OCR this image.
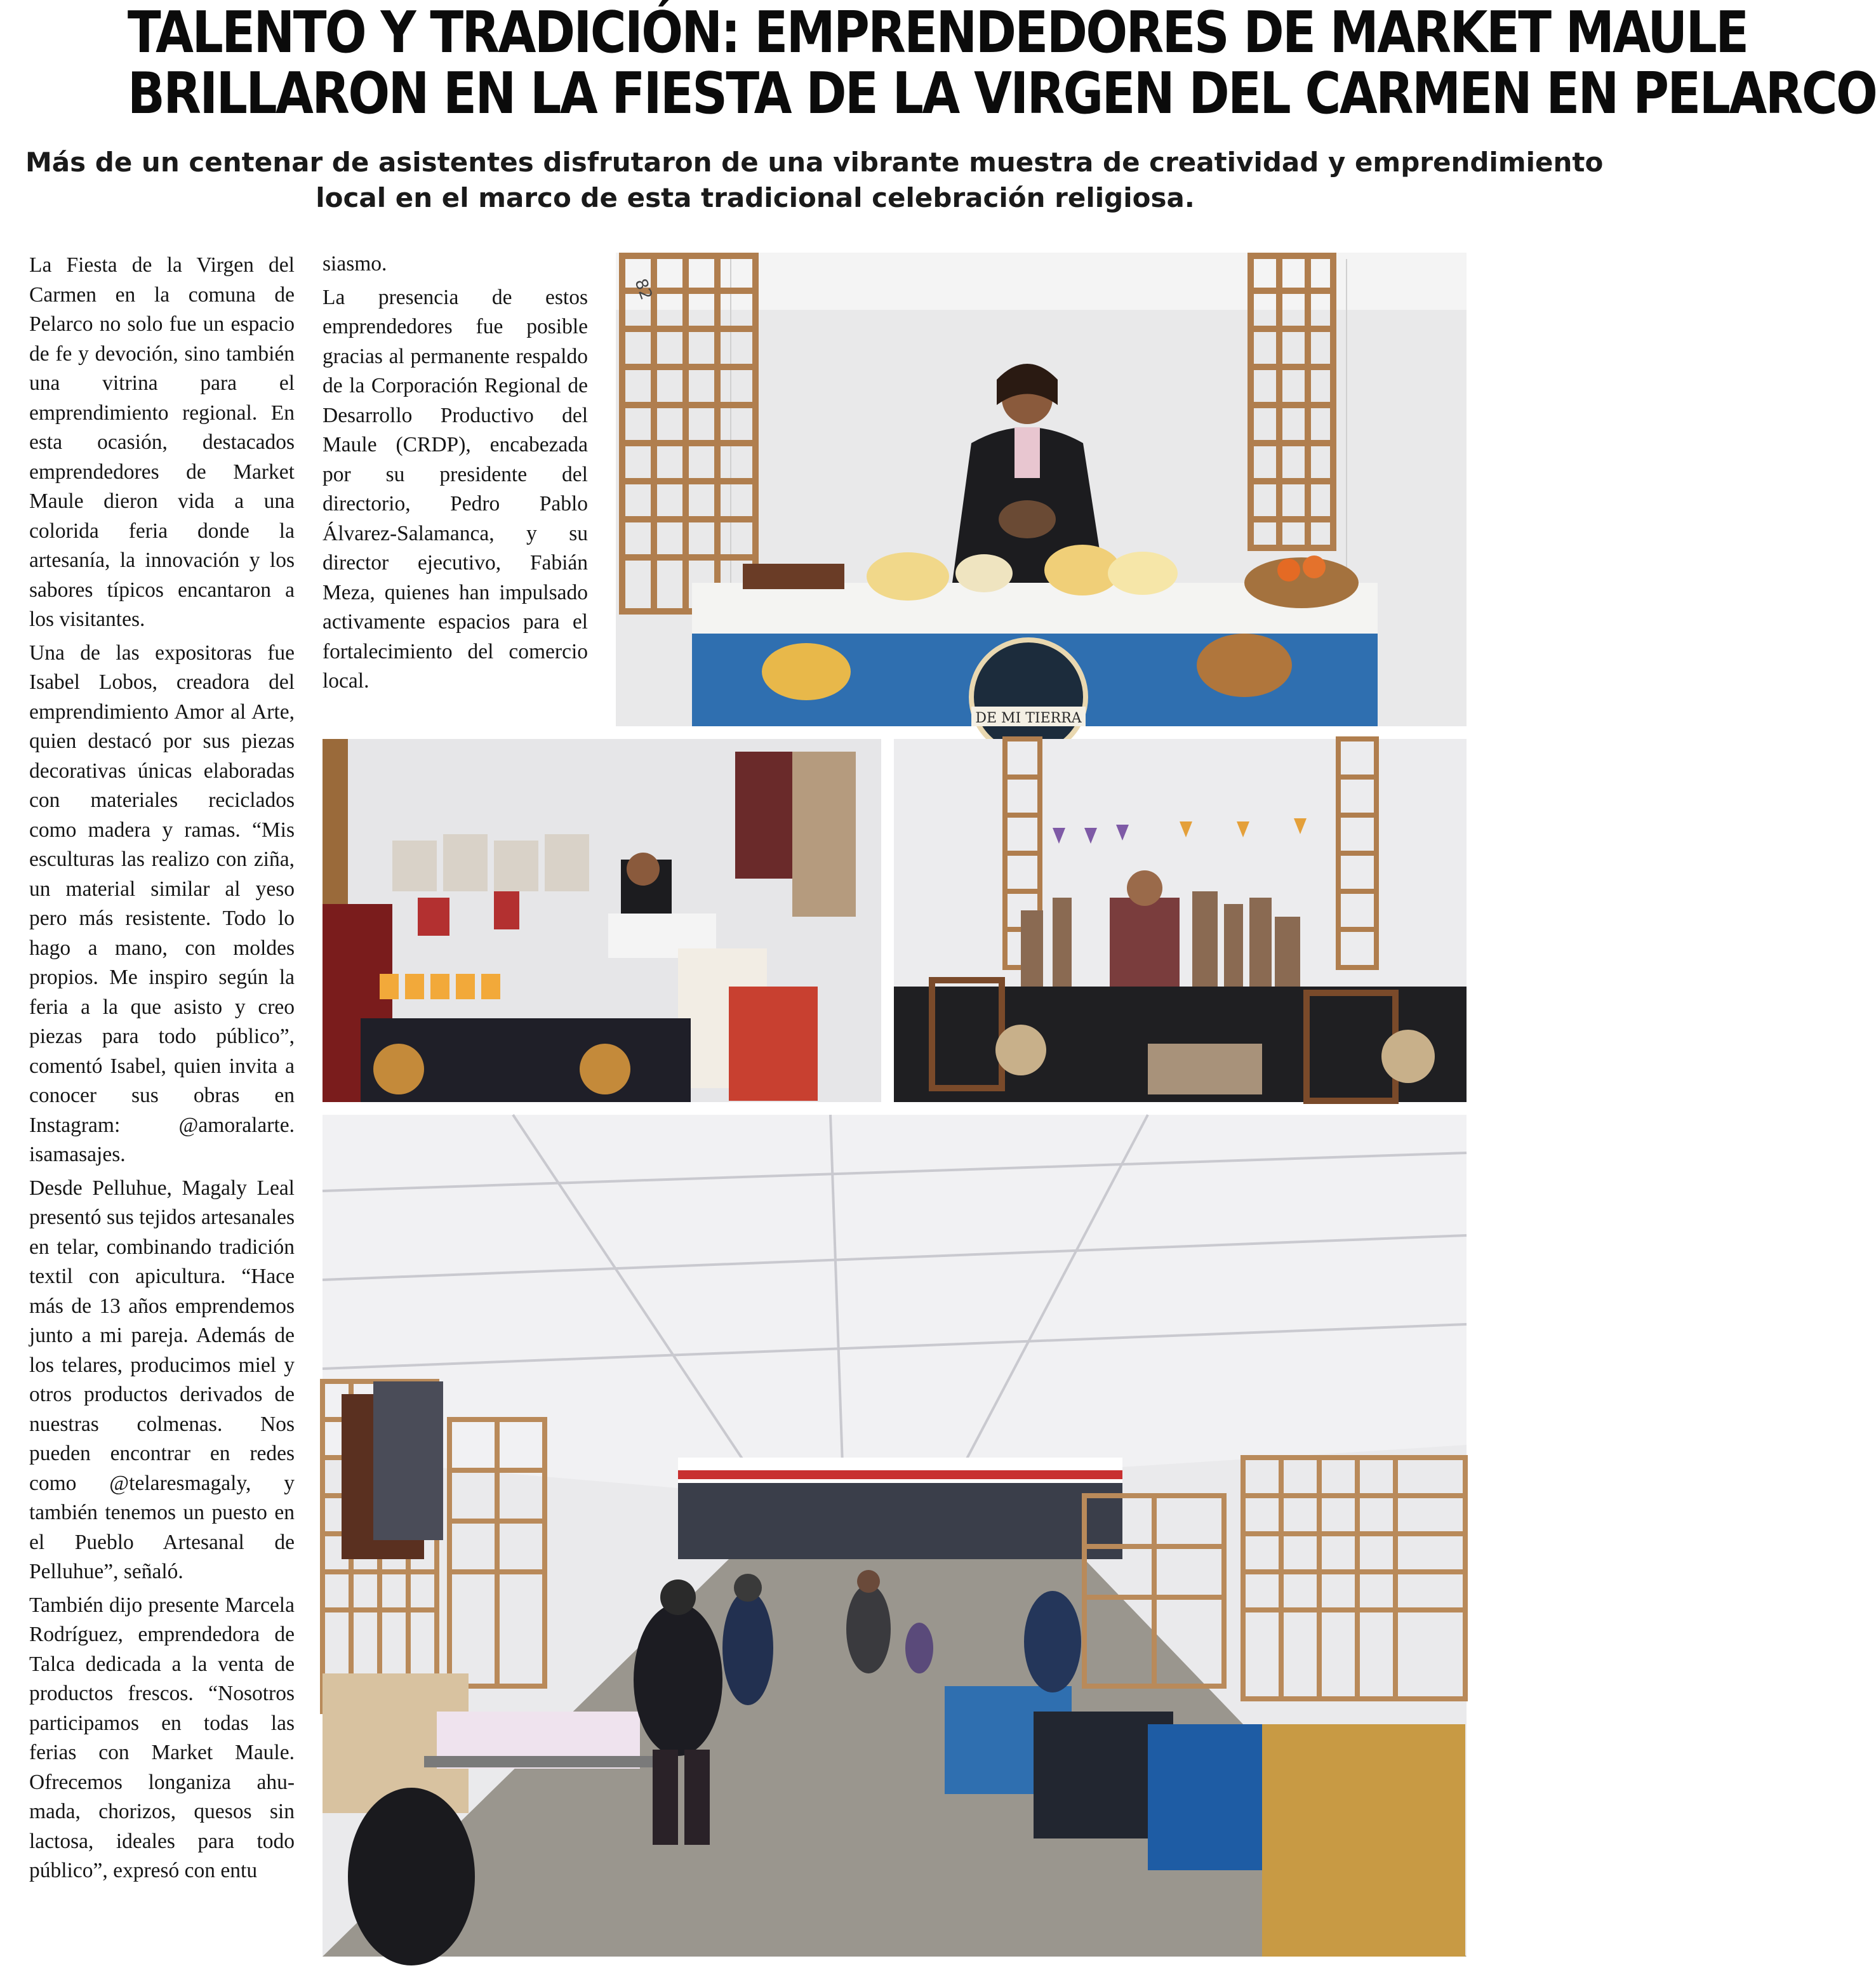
TALENTO Y TRADICIÓN: EMPRENDEDORES DE MARKET MAULE
BRILLARON EN LA FIESTA DE LA VIRGEN DEL CARMEN EN PELARCO
Más de un centenar de asistentes disfrutaron de una vibrante muestra de creatividad y emprendimiento
local en el marco de esta tradicional celebración religiosa.

La Fiesta de la Virgen del Carmen en la comuna de Pelarco no solo fue un espacio de fe y devoción, sino también una vitrina para el emprendimiento regional. En esta ocasión, destacados emprendedores de Market Maule dieron vida a una colorida feria donde la artesanía, la innovación y los sabores típicos encantaron a los visitantes.

Una de las expositoras fue Isabel Lobos, creadora del emprendimiento Amor al Arte, quien destacó por sus piezas decorativas únicas elaboradas con materiales reciclados como madera y ramas. “Mis esculturas las realizo con ziña, un material similar al yeso pero más resistente. Todo lo hago a mano, con moldes propios. Me inspiro según la feria a la que asisto y creo piezas para todo público”, comentó Isabel, quien invita a conocer sus obras en Instagram: @amoralarte. isamasajes.

Desde Pelluhue, Magaly Leal presentó sus tejidos artesanales en telar, combinando tradición textil con apicultura. “Hace más de 13 años emprendemos junto a mi pareja. Además de los telares, producimos miel y otros productos derivados de nuestras colmenas. Nos pueden encontrar en redes como @telaresmagaly, y también tenemos un puesto en el Pueblo Artesanal de Pelluhue”, señaló.

También dijo presente Marcela Rodríguez, emprendedora de Talca dedicada a la venta de productos frescos. “Nosotros participamos en todas las ferias con Market Maule. Ofrecemos longaniza ahumada, chorizos, quesos sin lactosa, ideales para todo público”, expresó con entu

siasmo.

La presencia de estos emprendedores fue posible gracias al permanente respaldo de la Corporación Regional de Desarrollo Productivo del Maule (CRDP), encabezada por su presidente del directorio, Pedro Pablo Álvarez-Salamanca, y su director ejecutivo, Fabián Meza, quienes han impulsado activamente espacios para el fortalecimiento del comercio local.

82
DE MI TIERRA
